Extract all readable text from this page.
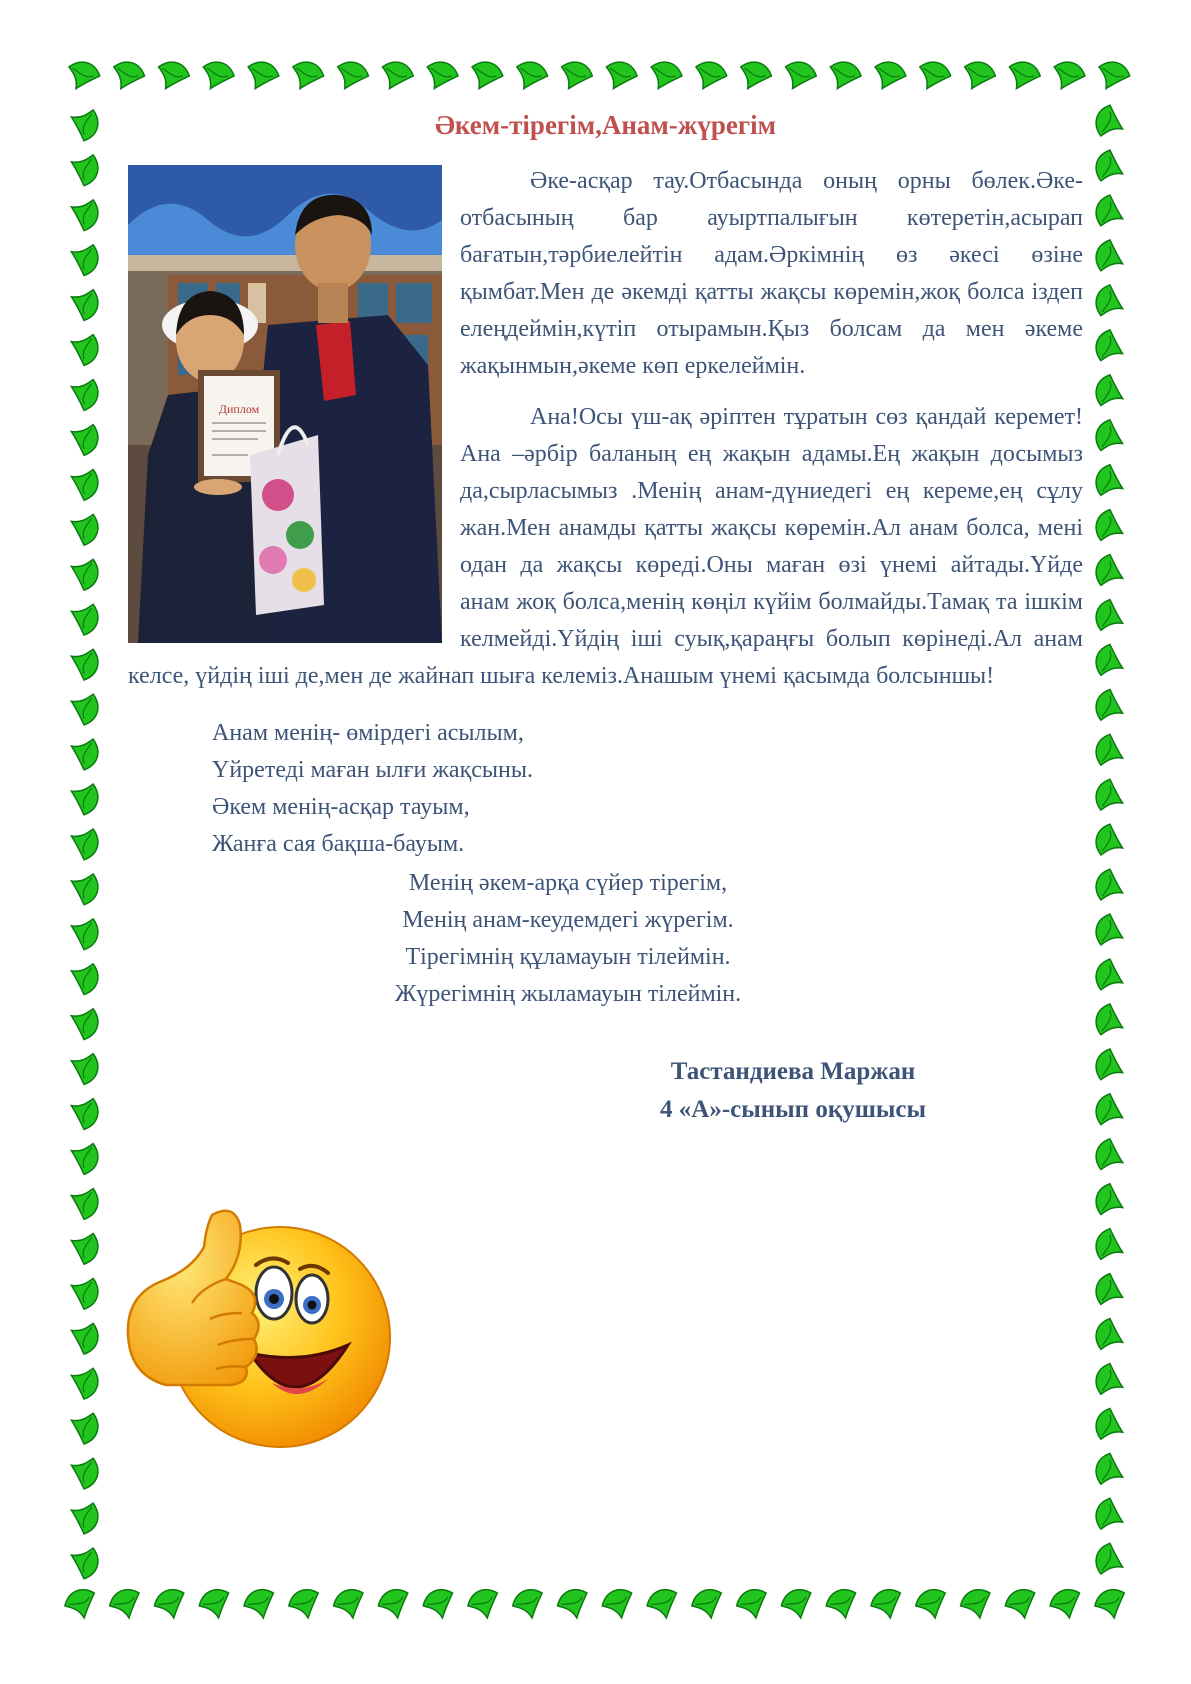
Әкем-тірегім,Анам-жүрегім
Диплом

Әке-асқар тау.Отбасында оның орны бөлек.Әке-отбасының бар ауыртпалығын көтеретін,асырап бағатын,тәрбиелейтін адам.Әркімнің өз әкесі өзіне қымбат.Мен де әкемді қатты жақсы көремін,жоқ болса іздеп елеңдеймін,күтіп отырамын.Қыз болсам да мен әкеме жақынмын,әкеме көп еркелеймін.

Ана!Осы үш-ақ әріптен тұратын сөз қандай керемет!Ана –әрбір баланың ең жақын адамы.Ең жақын досымыз да,сырласымыз .Менің анам-дүниедегі ең кереме,ең сұлу жан.Мен анамды қатты жақсы көремін.Ал анам болса, мені одан да жақсы көреді.Оны маған өзі үнемі айтады.Үйде анам жоқ болса,менің көңіл күйім болмайды.Тамақ та ішкім келмейді.Үйдің іші суық,қараңғы болып көрінеді.Ал анам келсе, үйдің іші де,мен де жайнап шыға келеміз.Анашым үнемі қасымда болсыншы!

Анам менің- өмірдегі асылым,
Үйретеді маған ылғи жақсыны.
Әкем менің-асқар тауым,
Жанға сая бақша-бауым.
Менің әкем-арқа сүйер тірегім,
Менің анам-кеудемдегі жүрегім.
Тірегімнің құламауын тілеймін.
Жүрегімнің жыламауын тілеймін.
Тастандиева Маржан
4 «А»-сынып оқушысы
